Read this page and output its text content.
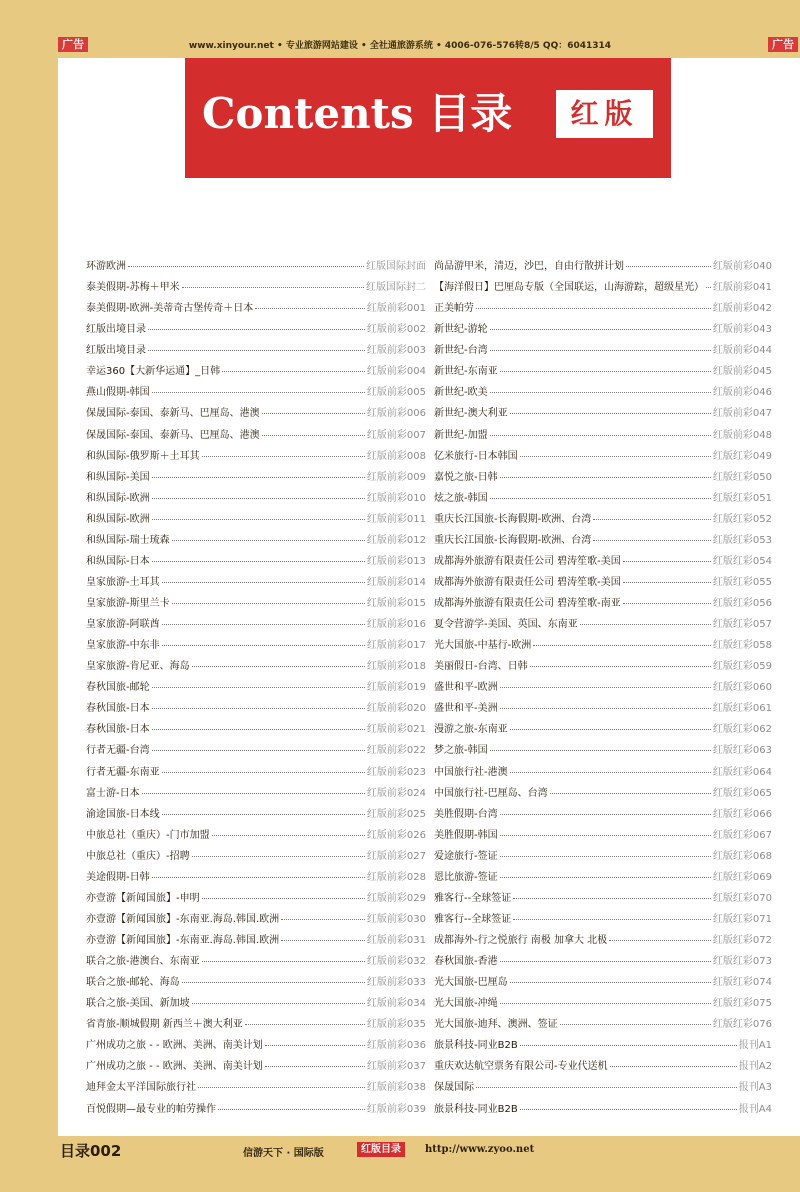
广告	www.xinyour.net • 专业旅游网站建设 • 全社通旅游系统 • 4006-076-576转8/5 QQ：6041314	广告
Contents 目录	红版
环游欧洲	红版国际封面
泰美假期-苏梅＋甲米	红版国际封二
泰美假期-欧洲-美蒂奇古堡传奇＋日本	红版前彩001
红版出境目录	红版前彩002
红版出境目录	红版前彩003
幸运360【大新华运通】_日韩	红版前彩004
燕山假期-韩国	红版前彩005
保晟国际-泰国、泰新马、巴厘岛、港澳	红版前彩006
保晟国际-泰国、泰新马、巴厘岛、港澳	红版前彩007
和纵国际-俄罗斯＋土耳其	红版前彩008
和纵国际-美国	红版前彩009
和纵国际-欧洲	红版前彩010
和纵国际-欧洲	红版前彩011
和纵国际-瑞士琉森	红版前彩012
和纵国际-日本	红版前彩013
皇家旅游-土耳其	红版前彩014
皇家旅游-斯里兰卡	红版前彩015
皇家旅游-阿联酋	红版前彩016
皇家旅游-中东非	红版前彩017
皇家旅游-肯尼亚、海岛	红版前彩018
春秋国旅-邮轮	红版前彩019
春秋国旅-日本	红版前彩020
春秋国旅-日本	红版前彩021
行者无疆-台湾	红版前彩022
行者无疆-东南亚	红版前彩023
富士游-日本	红版前彩024
渝途国旅-日本线	红版前彩025
中旅总社（重庆）-门市加盟	红版前彩026
中旅总社（重庆）-招聘	红版前彩027
美途假期-日韩	红版前彩028
亦壹游【新闻国旅】-申明	红版前彩029
亦壹游【新闻国旅】-东南亚.海岛.韩国.欧洲	红版前彩030
亦壹游【新闻国旅】-东南亚.海岛.韩国.欧洲	红版前彩031
联合之旅-港澳台、东南亚	红版前彩032
联合之旅-邮轮、海岛	红版前彩033
联合之旅-美国、新加坡	红版前彩034
省青旅-顺城假期 新西兰＋澳大利亚	红版前彩035
广州成功之旅 - - 欧洲、美洲、南美计划	红版前彩036
广州成功之旅 - - 欧洲、美洲、南美计划	红版前彩037
迪拜金太平洋国际旅行社	红版前彩038
百悦假期—最专业的帕劳操作	红版前彩039
尚品游甲米，清迈，沙巴，自由行散拼计划	红版前彩040
【海洋假日】巴厘岛专版（全国联运，山海游踪，超级星光） 红版前彩041
正美帕劳	红版前彩042
新世纪-游轮	红版前彩043
新世纪-台湾	红版前彩044
新世纪-东南亚	红版前彩045
新世纪-欧美	红版前彩046
新世纪-澳大利亚	红版前彩047
新世纪-加盟	红版前彩048
亿米旅行-日本韩国	红版红彩049
嘉悦之旅-日韩	红版红彩050
炫之旅-韩国	红版红彩051
重庆长江国旅-长海假期-欧洲、台湾	红版红彩052
重庆长江国旅-长海假期-欧洲、台湾	红版红彩053
成都海外旅游有限责任公司 碧涛笙歌-美国	红版红彩054
成都海外旅游有限责任公司 碧涛笙歌-美国	红版红彩055
成都海外旅游有限责任公司 碧涛笙歌-南亚	红版红彩056
夏令营游学-美国、英国、东南亚	红版红彩057
光大国旅-中基行-欧洲	红版红彩058
美丽假日-台湾、日韩	红版红彩059
盛世和平-欧洲	红版红彩060
盛世和平-美洲	红版红彩061
漫游之旅-东南亚	红版红彩062
梦之旅-韩国	红版红彩063
中国旅行社-港澳	红版红彩064
中国旅行社-巴厘岛、台湾	红版红彩065
美胜假期-台湾	红版红彩066
美胜假期-韩国	红版红彩067
爱途旅行-签证	红版红彩068
恩比旅游-签证	红版红彩069
雅客行--全球签证	红版红彩070
雅客行--全球签证	红版红彩071
成都海外-行之悦旅行 南极 加拿大 北极	红版红彩072
春秋国旅-香港	红版红彩073
光大国旅-巴厘岛	红版红彩074
光大国旅-冲绳	红版红彩075
光大国旅-迪拜、澳洲、签证	红版红彩076
旅景科技-同业B2B	报刊A1
重庆欢达航空票务有限公司-专业代送机	报刊A2
保晟国际	报刊A3
旅景科技-同业B2B	报刊A4
目录002	信游天下 · 国际版	红版目录	http://www.zyoo.net
